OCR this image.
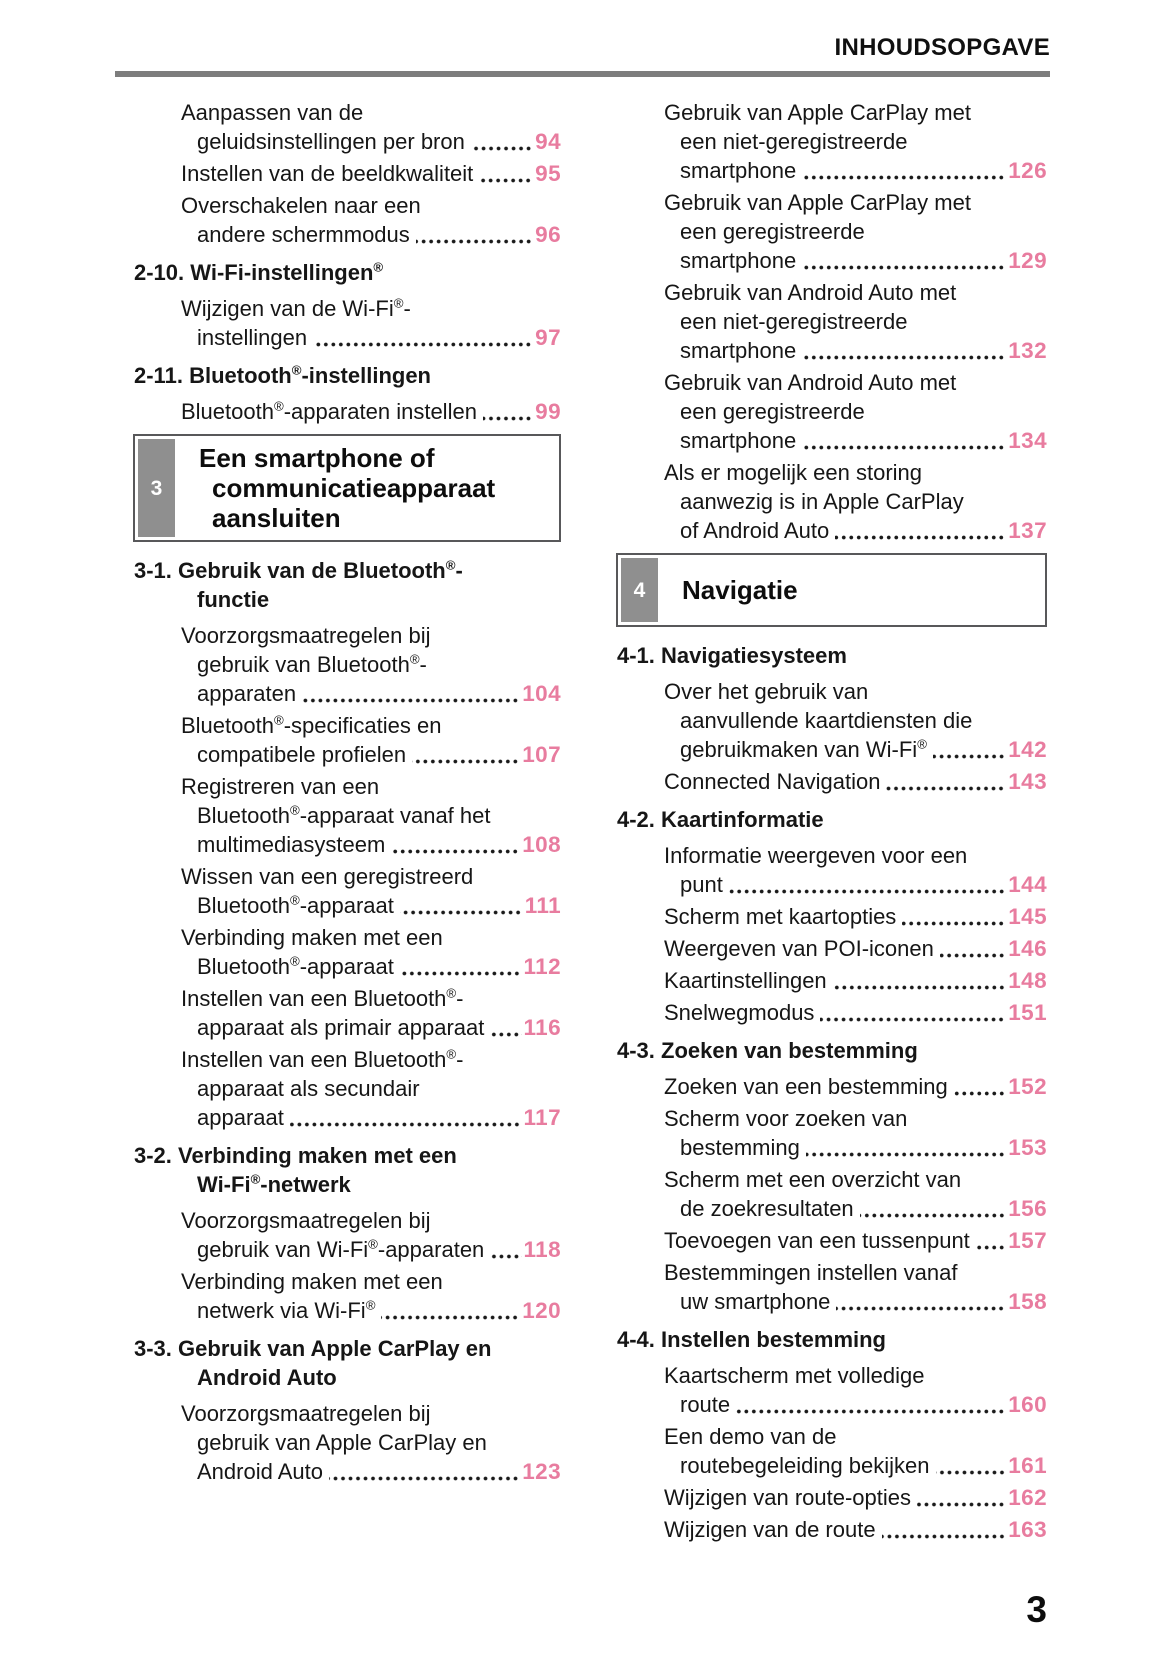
INHOUDSOPGAVE
Aanpassen van de
geluidsinstellingen per bron	94
Instellen van de beeldkwaliteit	95
Overschakelen naar een
andere schermmodus	96
2-10. Wi-Fi-instellingen®
Wijzigen van de Wi-Fi®-
instellingen	97
2-11. Bluetooth®-instellingen
Bluetooth®-apparaten instellen	99
3
Een smartphone of
communicatieapparaat
aansluiten
3-1. Gebruik van de Bluetooth®-
functie
Voorzorgsmaatregelen bij
gebruik van Bluetooth®-
apparaten	104
Bluetooth®-specificaties en
compatibele profielen	107
Registreren van een
Bluetooth®-apparaat vanaf het
multimediasysteem	108
Wissen van een geregistreerd
Bluetooth®-apparaat	111
Verbinding maken met een
Bluetooth®-apparaat	112
Instellen van een Bluetooth®-
apparaat als primair apparaat 116
Instellen van een Bluetooth®-
apparaat als secundair
apparaat	117
3-2. Verbinding maken met een
Wi-Fi®-netwerk
Voorzorgsmaatregelen bij
gebruik van Wi-Fi®-apparaten 118
Verbinding maken met een
netwerk via Wi-Fi®	120
3-3. Gebruik van Apple CarPlay en
Android Auto
Voorzorgsmaatregelen bij
gebruik van Apple CarPlay en
Android Auto	123
Gebruik van Apple CarPlay met
een niet-geregistreerde
smartphone	126
Gebruik van Apple CarPlay met
een geregistreerde
smartphone	129
Gebruik van Android Auto met
een niet-geregistreerde
smartphone	132
Gebruik van Android Auto met
een geregistreerde
smartphone	134
Als er mogelijk een storing
aanwezig is in Apple CarPlay
of Android Auto	137
4 Navigatie
4-1. Navigatiesysteem
Over het gebruik van
aanvullende kaartdiensten die
gebruikmaken van Wi-Fi®	142
Connected Navigation	143
4-2. Kaartinformatie
Informatie weergeven voor een
punt	144
Scherm met kaartopties	145
Weergeven van POI-iconen	146
Kaartinstellingen	148
Snelwegmodus	151
4-3. Zoeken van bestemming
Zoeken van een bestemming	152
Scherm voor zoeken van
bestemming	153
Scherm met een overzicht van
de zoekresultaten	156
Toevoegen van een tussenpunt 157
Bestemmingen instellen vanaf
uw smartphone	158
4-4. Instellen bestemming
Kaartscherm met volledige
route	160
Een demo van de
routebegeleiding bekijken	161
Wijzigen van route-opties	162
Wijzigen van de route	163
3
